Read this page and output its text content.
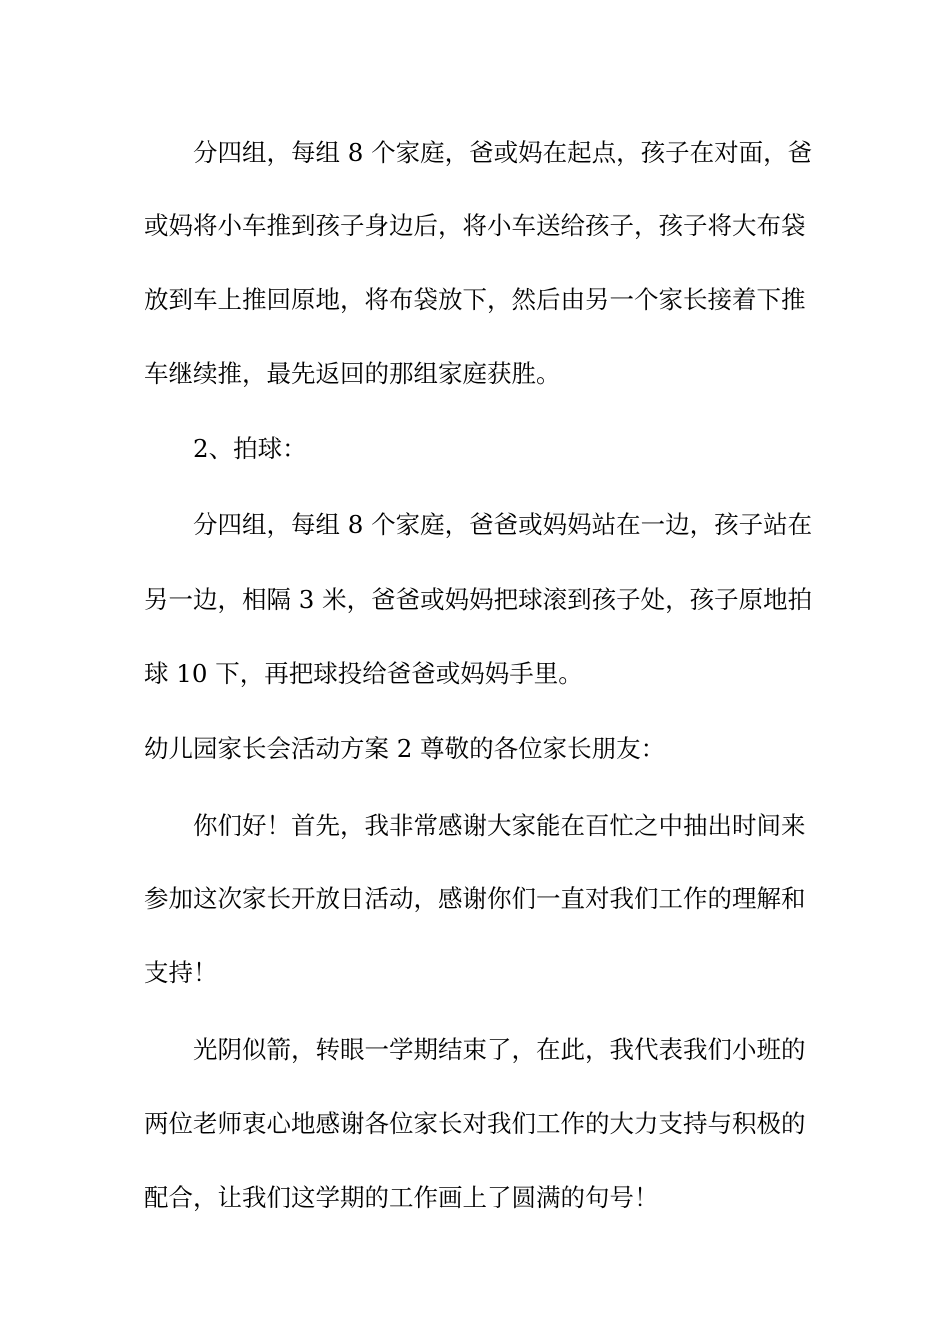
分四组，每组 8 个家庭，爸或妈在起点，孩子在对面，爸
或妈将小车推到孩子身边后，将小车送给孩子，孩子将大布袋
放到车上推回原地，将布袋放下，然后由另一个家长接着下推
车继续推，最先返回的那组家庭获胜。
2、拍球：
分四组，每组 8 个家庭，爸爸或妈妈站在一边，孩子站在
另一边，相隔 3 米，爸爸或妈妈把球滚到孩子处，孩子原地拍
球 10 下，再把球投给爸爸或妈妈手里。
幼儿园家长会活动方案 2 尊敬的各位家长朋友：
你们好！首先，我非常感谢大家能在百忙之中抽出时间来
参加这次家长开放日活动，感谢你们一直对我们工作的理解和
支持！
光阴似箭，转眼一学期结束了，在此，我代表我们小班的
两位老师衷心地感谢各位家长对我们工作的大力支持与积极的
配合，让我们这学期的工作画上了圆满的句号！
